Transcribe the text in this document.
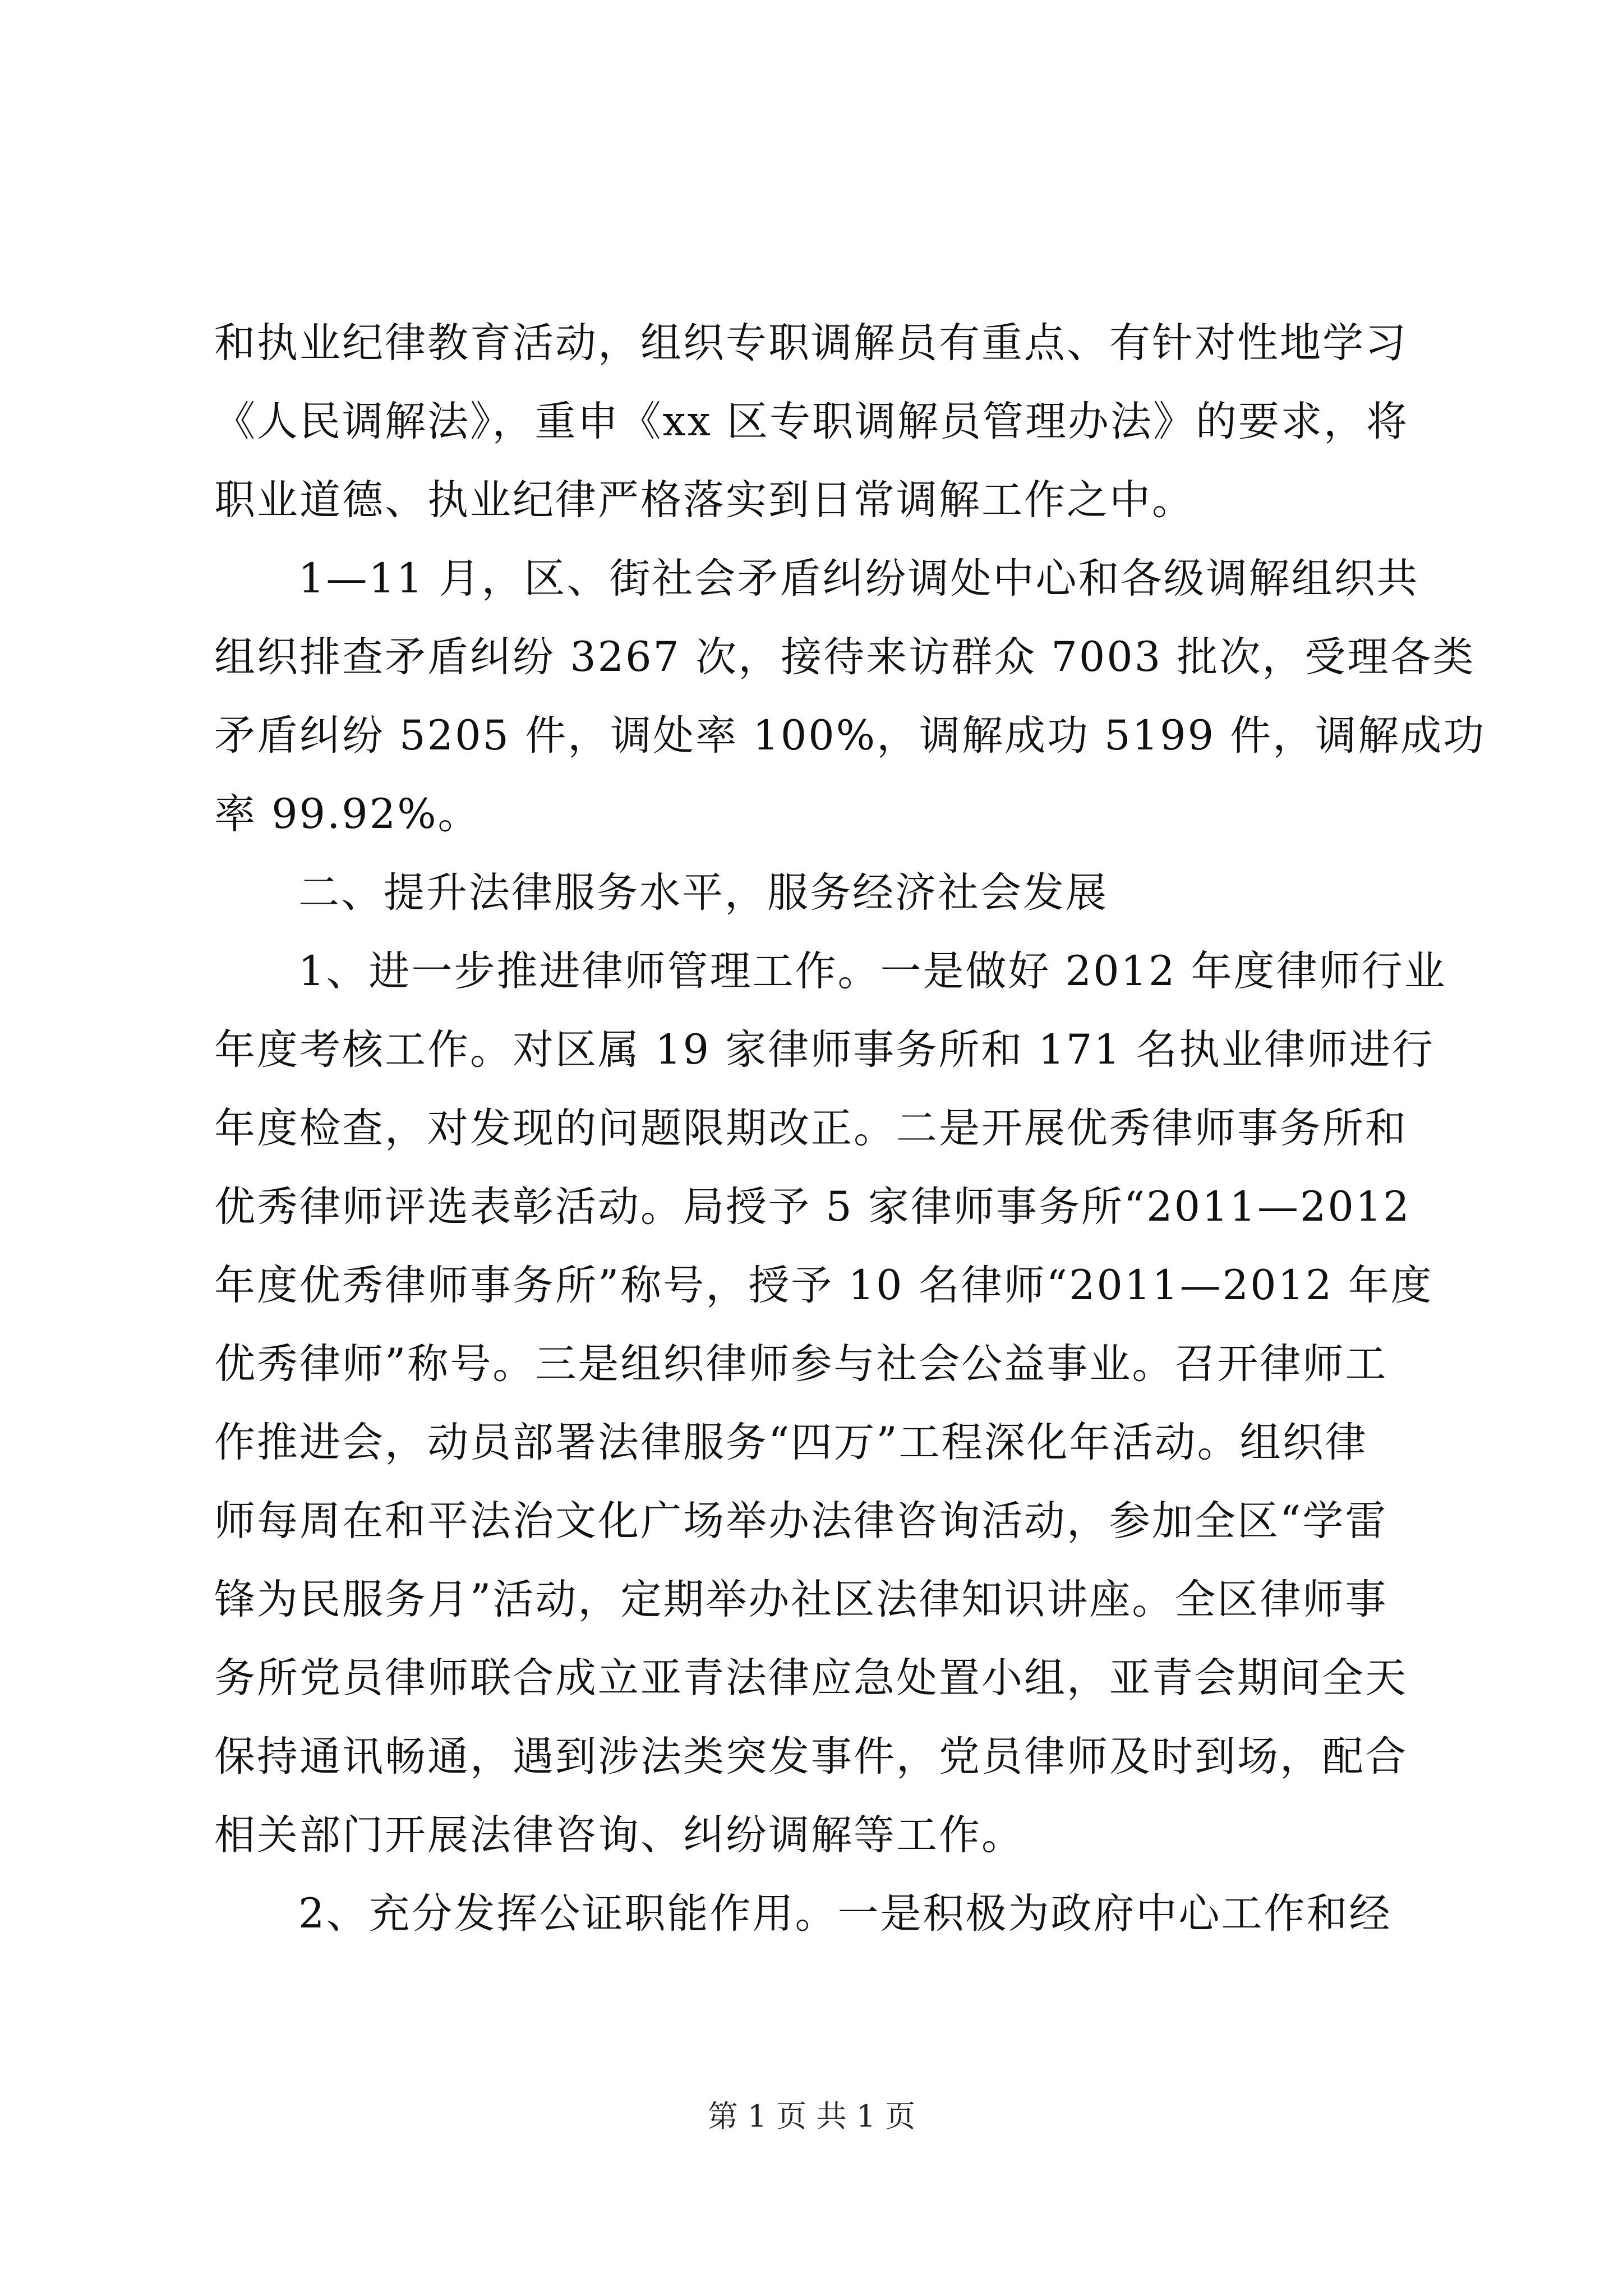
和执业纪律教育活动，组织专职调解员有重点、有针对性地学习
《人民调解法》，重申《xx 区专职调解员管理办法》的要求，将
职业道德、执业纪律严格落实到日常调解工作之中。
1—11 月，区、街社会矛盾纠纷调处中心和各级调解组织共
组织排查矛盾纠纷 3267 次，接待来访群众 7003 批次，受理各类
矛盾纠纷 5205 件，调处率 100%，调解成功 5199 件，调解成功
率 99.92%。
二、提升法律服务水平，服务经济社会发展
1、进一步推进律师管理工作。一是做好 2012 年度律师行业
年度考核工作。对区属 19 家律师事务所和 171 名执业律师进行
年度检查，对发现的问题限期改正。二是开展优秀律师事务所和
优秀律师评选表彰活动。局授予 5 家律师事务所“2011—2012
年度优秀律师事务所”称号，授予 10 名律师“2011—2012 年度
优秀律师”称号。三是组织律师参与社会公益事业。召开律师工
作推进会，动员部署法律服务“四万”工程深化年活动。组织律
师每周在和平法治文化广场举办法律咨询活动，参加全区“学雷
锋为民服务月”活动，定期举办社区法律知识讲座。全区律师事
务所党员律师联合成立亚青法律应急处置小组，亚青会期间全天
保持通讯畅通，遇到涉法类突发事件，党员律师及时到场，配合
相关部门开展法律咨询、纠纷调解等工作。
2、充分发挥公证职能作用。一是积极为政府中心工作和经
第 1 页 共 1 页
